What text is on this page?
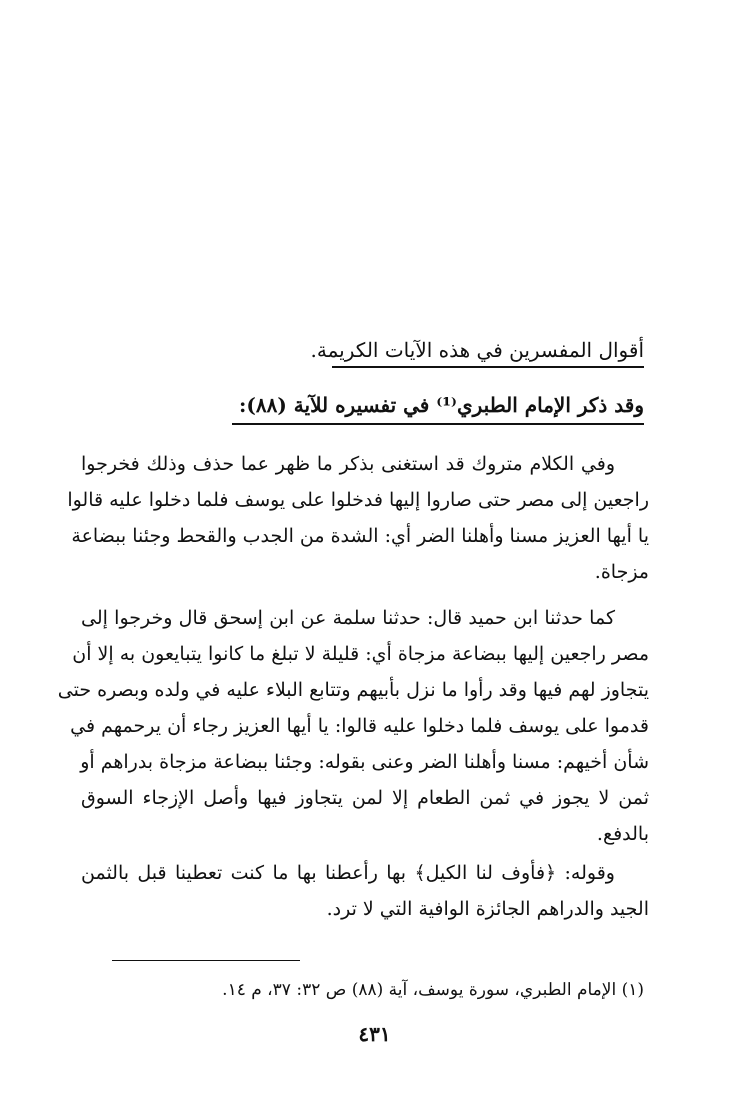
أقوال المفسرين في هذه الآيات الكريمة.
وقد ذكر الإمام الطبري⁽¹⁾ في تفسيره للآية (٨٨):
وفي الكلام متروك قد استغنى بذكر ما ظهر عما حذف وذلك فخرجوا
راجعين إلى مصر حتى صاروا إليها فدخلوا على يوسف فلما دخلوا عليه قالوا
يا أيها العزيز مسنا وأهلنا الضر أي: الشدة من الجدب والقحط وجئنا ببضاعة
مزجاة.
كما حدثنا ابن حميد قال: حدثنا سلمة عن ابن إسحق قال وخرجوا إلى
مصر راجعين إليها ببضاعة مزجاة أي: قليلة لا تبلغ ما كانوا يتبايعون به إلا أن
يتجاوز لهم فيها وقد رأوا ما نزل بأبيهم وتتابع البلاء عليه في ولده وبصره حتى
قدموا على يوسف فلما دخلوا عليه قالوا: يا أيها العزيز رجاء أن يرحمهم في
شأن أخيهم: مسنا وأهلنا الضر وعنى بقوله: وجئنا ببضاعة مزجاة بدراهم أو
ثمن لا يجوز في ثمن الطعام إلا لمن يتجاوز فيها وأصل الإزجاء السوق
بالدفع.
وقوله: ﴿فأوف لنا الكيل﴾ بها رأعطنا بها ما كنت تعطينا قبل بالثمن
الجيد والدراهم الجائزة الوافية التي لا ترد.
(١) الإمام الطبري، سورة يوسف، آية (٨٨) ص ٣٢: ٣٧، م ١٤.
٤٣١
